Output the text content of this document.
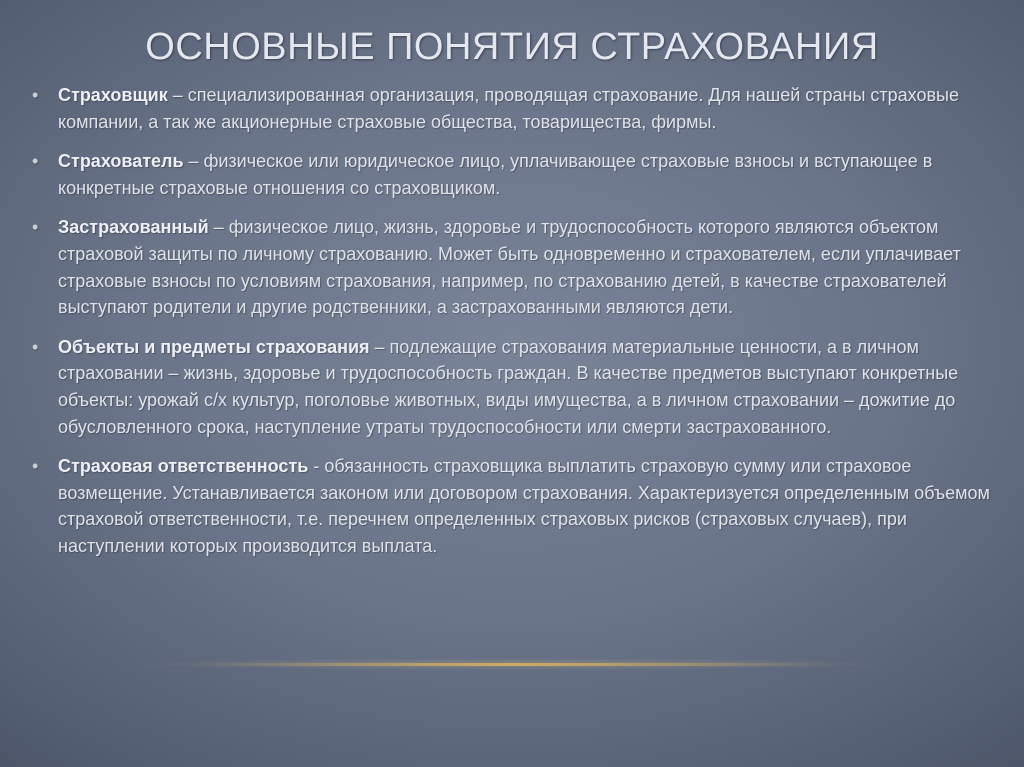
ОСНОВНЫЕ ПОНЯТИЯ СТРАХОВАНИЯ
• Страховщик – специализированная организация, проводящая страхование. Для нашей страны страховые компании, а так же акционерные страховые общества, товарищества, фирмы.
• Страхователь – физическое или юридическое лицо, уплачивающее страховые взносы и вступающее в конкретные страховые отношения со страховщиком.
• Застрахованный – физическое лицо, жизнь, здоровье и трудоспособность которого являются объектом страховой защиты по личному страхованию. Может быть одновременно и страхователем, если уплачивает страховые взносы по условиям страхования, например, по страхованию детей, в качестве страхователей выступают родители и другие родственники, а застрахованными являются дети.
• Объекты и предметы страхования – подлежащие страхования материальные ценности, а в личном страховании – жизнь, здоровье и трудоспособность граждан. В качестве предметов выступают конкретные объекты: урожай с/х культур, поголовье животных, виды имущества, а в личном страховании – дожитие до обусловленного срока, наступление утраты трудоспособности или смерти застрахованного.
• Страховая ответственность - обязанность страховщика выплатить страховую сумму или страховое возмещение. Устанавливается законом или договором страхования. Характеризуется определенным объемом страховой ответственности, т.е. перечнем определенных страховых рисков (страховых случаев), при наступлении которых производится выплата.
